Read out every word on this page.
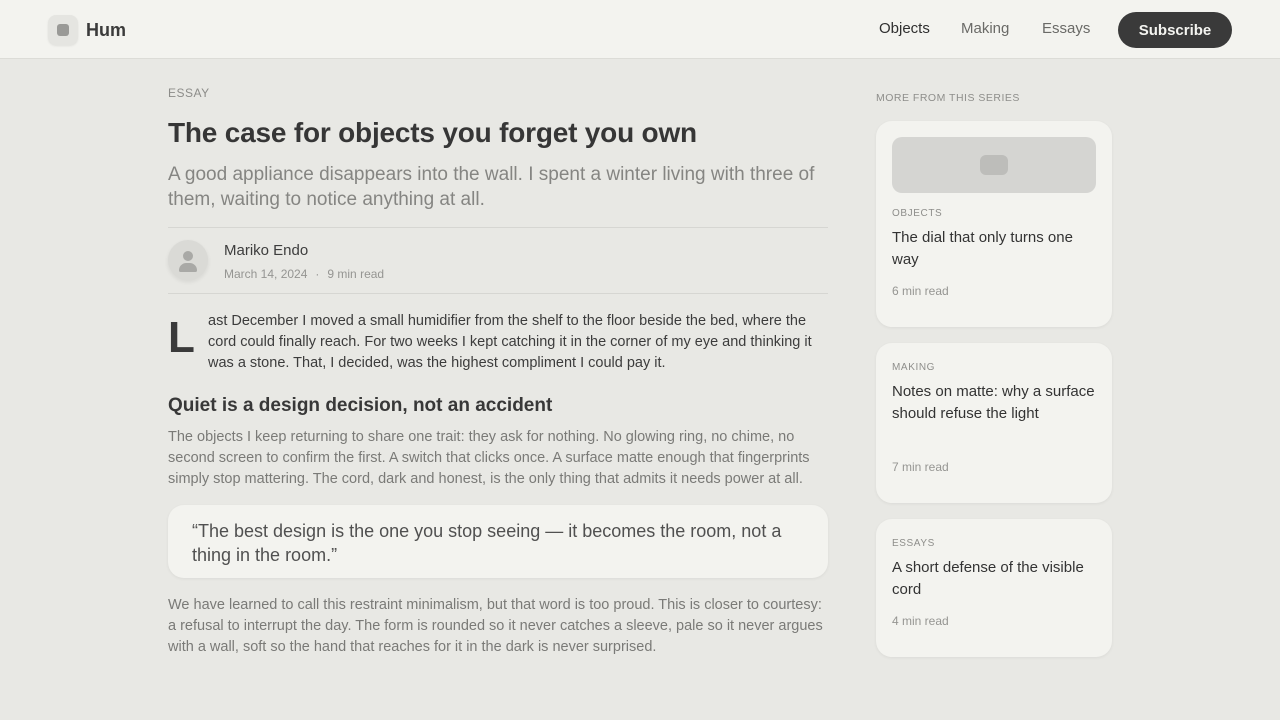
Hum	Objects Making Essays	Subscribe
ESSAY
The case for objects you forget you own

A good appliance disappears into the wall. I spent a winter living with three of them, waiting to notice anything at all.

Mariko Endo
March 14, 2024 · 9 min read
L ast December I moved a small humidifier from the shelf to the floor beside the bed, where the cord could finally reach. For two weeks I kept catching it in the corner of my eye and thinking it was a stone. That, I decided, was the highest compliment I could pay it.

Quiet is a design decision, not an accident

The objects I keep returning to share one trait: they ask for nothing. No glowing ring, no chime, no second screen to confirm the first. A switch that clicks once. A surface matte enough that fingerprints simply stop mattering. The cord, dark and honest, is the only thing that admits it needs power at all.

“The best design is the one you stop seeing — it becomes the room, not a thing in the room.”

We have learned to call this restraint minimalism, but that word is too proud. This is closer to courtesy: a refusal to interrupt the day. The form is rounded so it never catches a sleeve, pale so it never argues with a wall, soft so the hand that reaches for it in the dark is never surprised.

MORE FROM THIS SERIES
OBJECTS
The dial that only turns one way
6 min read
MAKING
Notes on matte: why a surface should refuse the light
7 min read
ESSAYS
A short defense of the visible cord
4 min read
